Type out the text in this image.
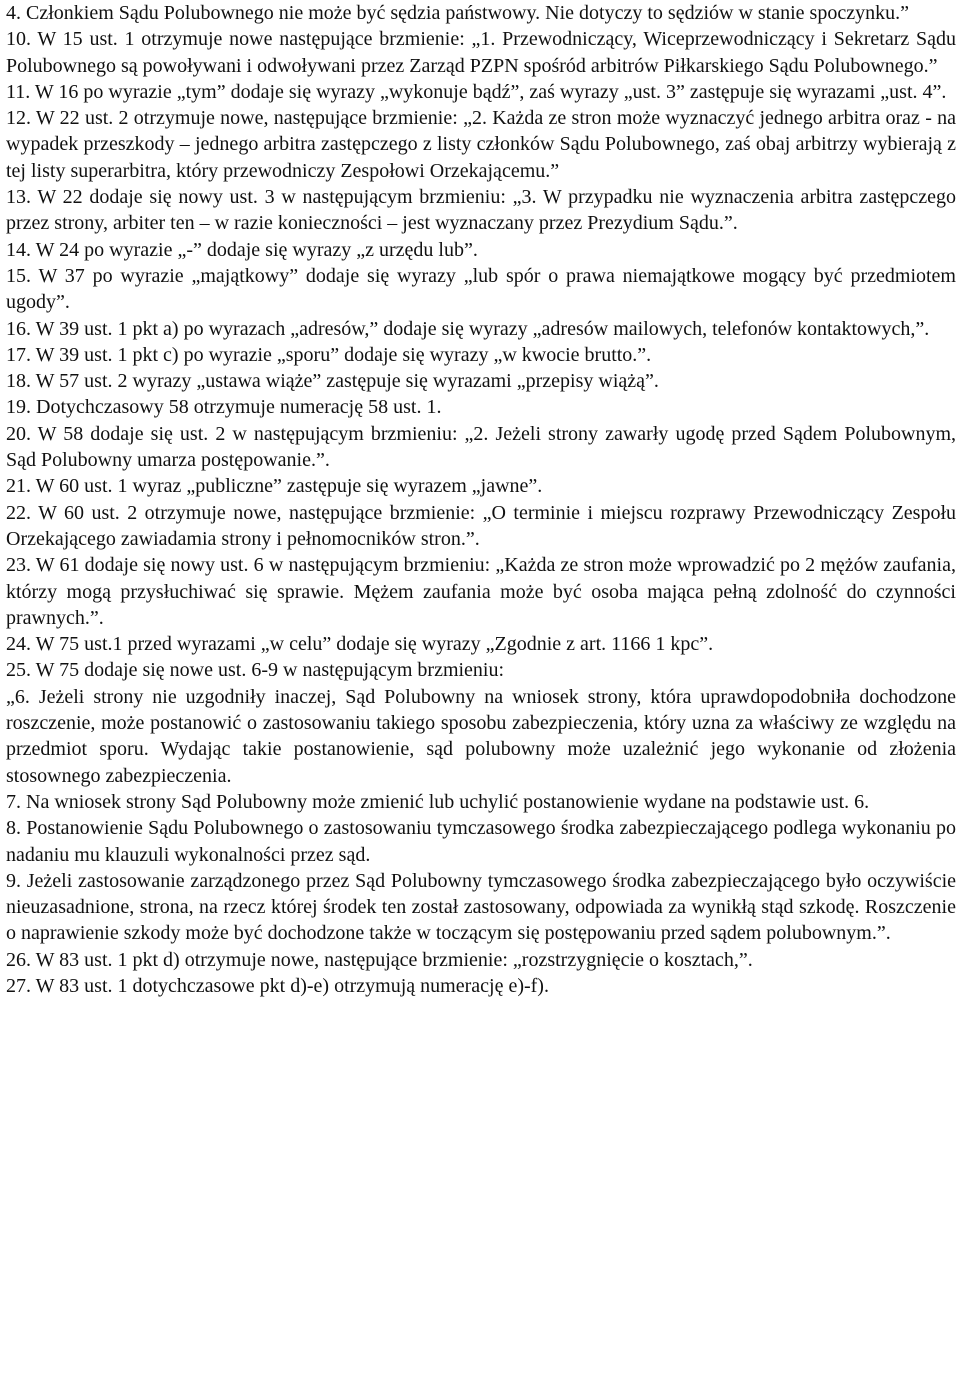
4. Członkiem Sądu Polubownego nie może być sędzia państwowy. Nie dotyczy to sędziów w stanie spoczynku.”

10. W 15 ust. 1 otrzymuje nowe następujące brzmienie: „1. Przewodniczący, Wiceprzewodniczący i Sekretarz Sądu Polubownego są powoływani i odwoływani przez Zarząd PZPN spośród arbitrów Piłkarskiego Sądu Polubownego.”

11. W 16 po wyrazie „tym” dodaje się wyrazy „wykonuje bądź”, zaś wyrazy „ust. 3” zastępuje się wyrazami „ust. 4”.

12. W 22 ust. 2 otrzymuje nowe, następujące brzmienie: „2. Każda ze stron może wyznaczyć jednego arbitra oraz - na wypadek przeszkody – jednego arbitra zastępczego z listy członków Sądu Polubownego, zaś obaj arbitrzy wybierają z tej listy superarbitra, który przewodniczy Zespołowi Orzekającemu.”

13. W 22 dodaje się nowy ust. 3 w następującym brzmieniu: „3. W przypadku nie wyznaczenia arbitra zastępczego przez strony, arbiter ten – w razie konieczności – jest wyznaczany przez Prezydium Sądu.”.

14. W 24 po wyrazie „-” dodaje się wyrazy „z urzędu lub”.

15. W 37 po wyrazie „majątkowy” dodaje się wyrazy „lub spór o prawa niemajątkowe mogący być przedmiotem ugody”.

16. W 39 ust. 1 pkt a) po wyrazach „adresów,” dodaje się wyrazy „adresów mailowych, telefonów kontaktowych,”.

17. W 39 ust. 1 pkt c) po wyrazie „sporu” dodaje się wyrazy „w kwocie brutto.”.

18. W 57 ust. 2 wyrazy „ustawa wiąże” zastępuje się wyrazami „przepisy wiążą”.

19. Dotychczasowy 58 otrzymuje numerację 58 ust. 1.

20. W 58 dodaje się ust. 2 w następującym brzmieniu: „2. Jeżeli strony zawarły ugodę przed Sądem Polubownym, Sąd Polubowny umarza postępowanie.”.

21. W 60 ust. 1 wyraz „publiczne” zastępuje się wyrazem „jawne”.

22. W 60 ust. 2 otrzymuje nowe, następujące brzmienie: „O terminie i miejscu rozprawy Przewodniczący Zespołu Orzekającego zawiadamia strony i pełnomocników stron.”.

23. W 61 dodaje się nowy ust. 6 w następującym brzmieniu: „Każda ze stron może wprowadzić po 2 mężów zaufania, którzy mogą przysłuchiwać się sprawie. Mężem zaufania może być osoba mająca pełną zdolność do czynności prawnych.”.

24. W 75 ust.1 przed wyrazami „w celu” dodaje się wyrazy „Zgodnie z art. 1166 1 kpc”.

25. W 75 dodaje się nowe ust. 6-9 w następującym brzmieniu:

„6. Jeżeli strony nie uzgodniły inaczej, Sąd Polubowny na wniosek strony, która uprawdopodobniła dochodzone roszczenie, może postanowić o zastosowaniu takiego sposobu zabezpieczenia, który uzna za właściwy ze względu na przedmiot sporu. Wydając takie postanowienie, sąd polubowny może uzależnić jego wykonanie od złożenia stosownego zabezpieczenia.

7. Na wniosek strony Sąd Polubowny może zmienić lub uchylić postanowienie wydane na podstawie ust. 6.

8. Postanowienie Sądu Polubownego o zastosowaniu tymczasowego środka zabezpieczającego podlega wykonaniu po nadaniu mu klauzuli wykonalności przez sąd.

9. Jeżeli zastosowanie zarządzonego przez Sąd Polubowny tymczasowego środka zabezpieczającego było oczywiście nieuzasadnione, strona, na rzecz której środek ten został zastosowany, odpowiada za wynikłą stąd szkodę. Roszczenie o naprawienie szkody może być dochodzone także w toczącym się postępowaniu przed sądem polubownym.”.

26. W 83 ust. 1 pkt d) otrzymuje nowe, następujące brzmienie: „rozstrzygnięcie o kosztach,”.

27. W 83 ust. 1 dotychczasowe pkt d)-e) otrzymują numerację e)-f).
